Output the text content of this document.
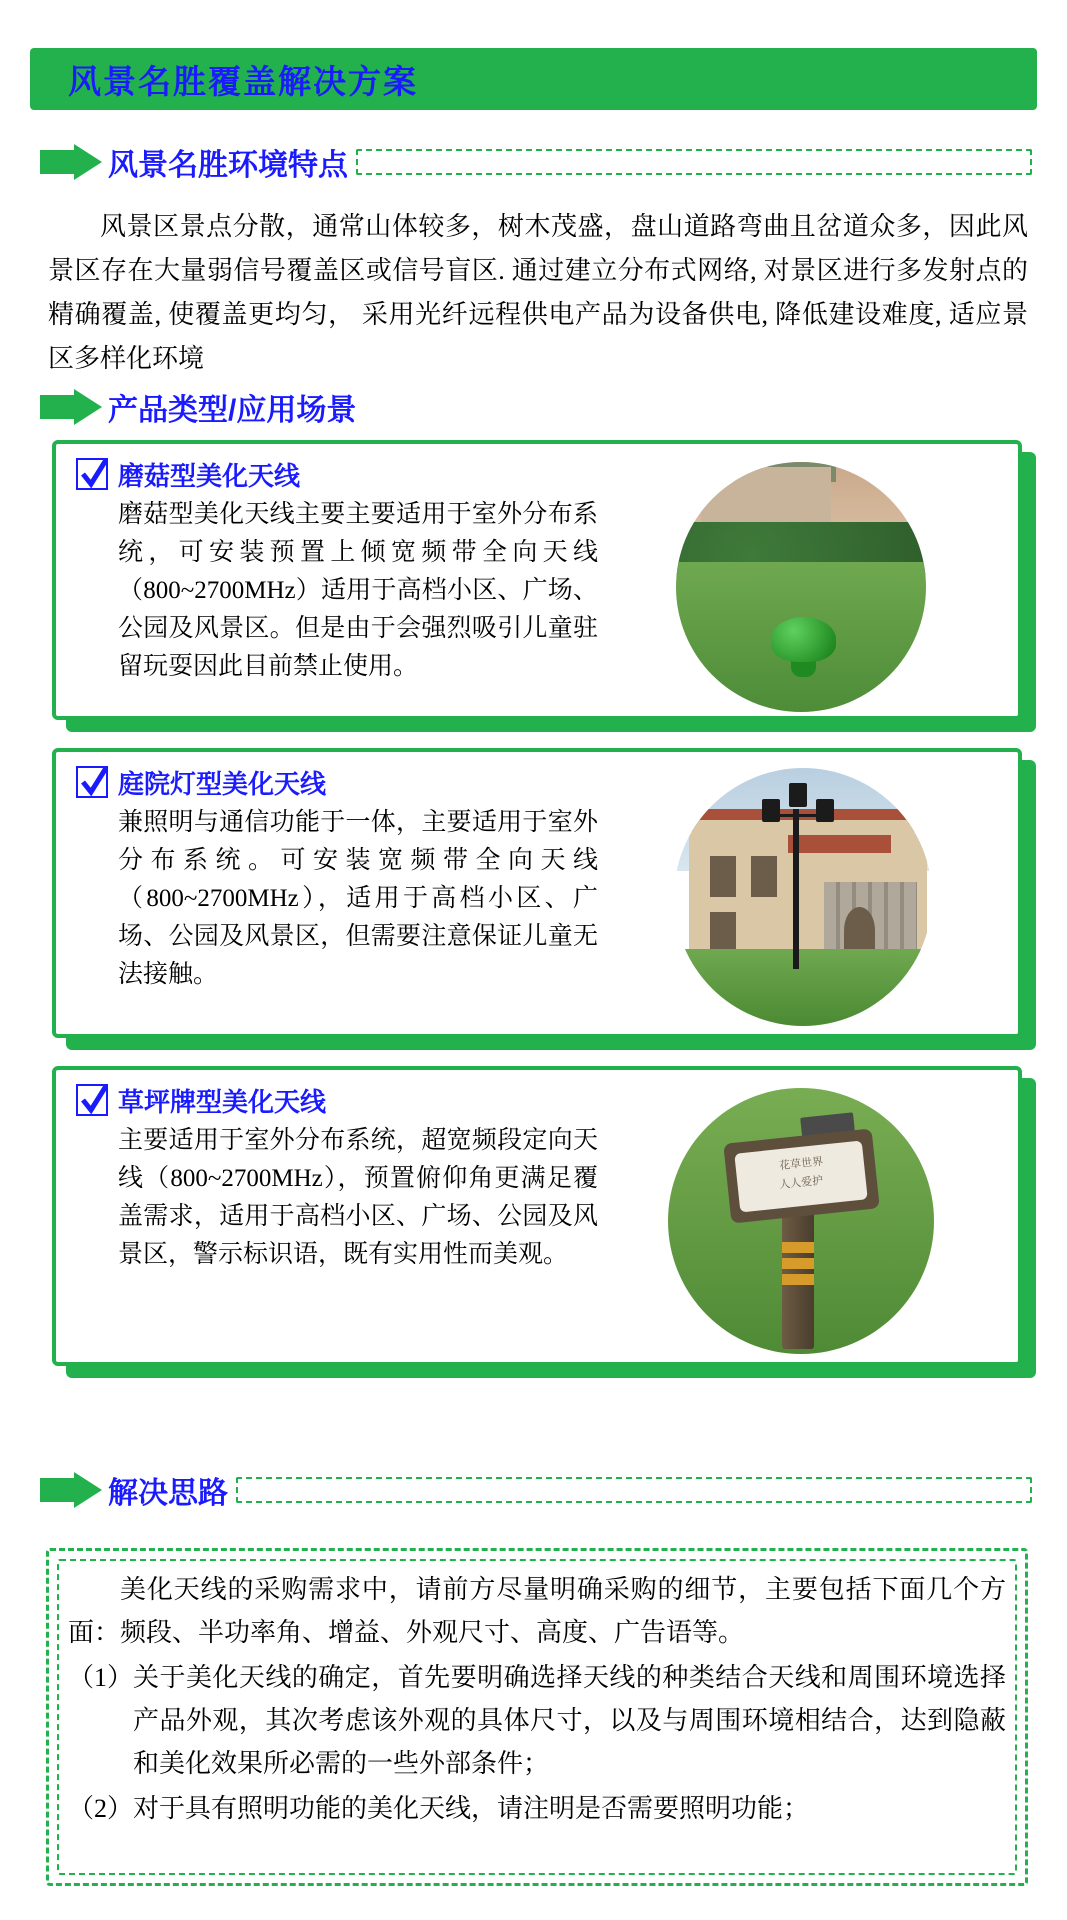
风景名胜覆盖解决方案
风景名胜环境特点

风景区景点分散，通常山体较多，树木茂盛，盘山道路弯曲且岔道众多，因此风景区存在大量弱信号覆盖区或信号盲区. 通过建立分布式网络, 对景区进行多发射点的精确覆盖, 使覆盖更均匀， 采用光纤远程供电产品为设备供电, 降低建设难度, 适应景区多样化环境

产品类型/应用场景
磨菇型美化天线
磨菇型美化天线主要主要适用于室外分布系统，可安装预置上倾宽频带全向天线（800~2700MHz）适用于高档小区、广场、公园及风景区。但是由于会强烈吸引儿童驻留玩耍因此目前禁止使用。
庭院灯型美化天线
兼照明与通信功能于一体，主要适用于室外分布系统。可安装宽频带全向天线（800~2700MHz），适用于高档小区、广场、公园及风景区，但需要注意保证儿童无法接触。
草坪牌型美化天线
主要适用于室外分布系统，超宽频段定向天线（800~2700MHz），预置俯仰角更满足覆盖需求，适用于高档小区、广场、公园及风景区，警示标识语，既有实用性而美观。
花草世界
人人爱护
解决思路

美化天线的采购需求中，请前方尽量明确采购的细节，主要包括下面几个方面：频段、半功率角、增益、外观尺寸、高度、广告语等。

（1） 关于美化天线的确定，首先要明确选择天线的种类结合天线和周围环境选择产品外观，其次考虑该外观的具体尺寸，以及与周围环境相结合，达到隐蔽和美化效果所必需的一些外部条件；
（2） 对于具有照明功能的美化天线，请注明是否需要照明功能；
